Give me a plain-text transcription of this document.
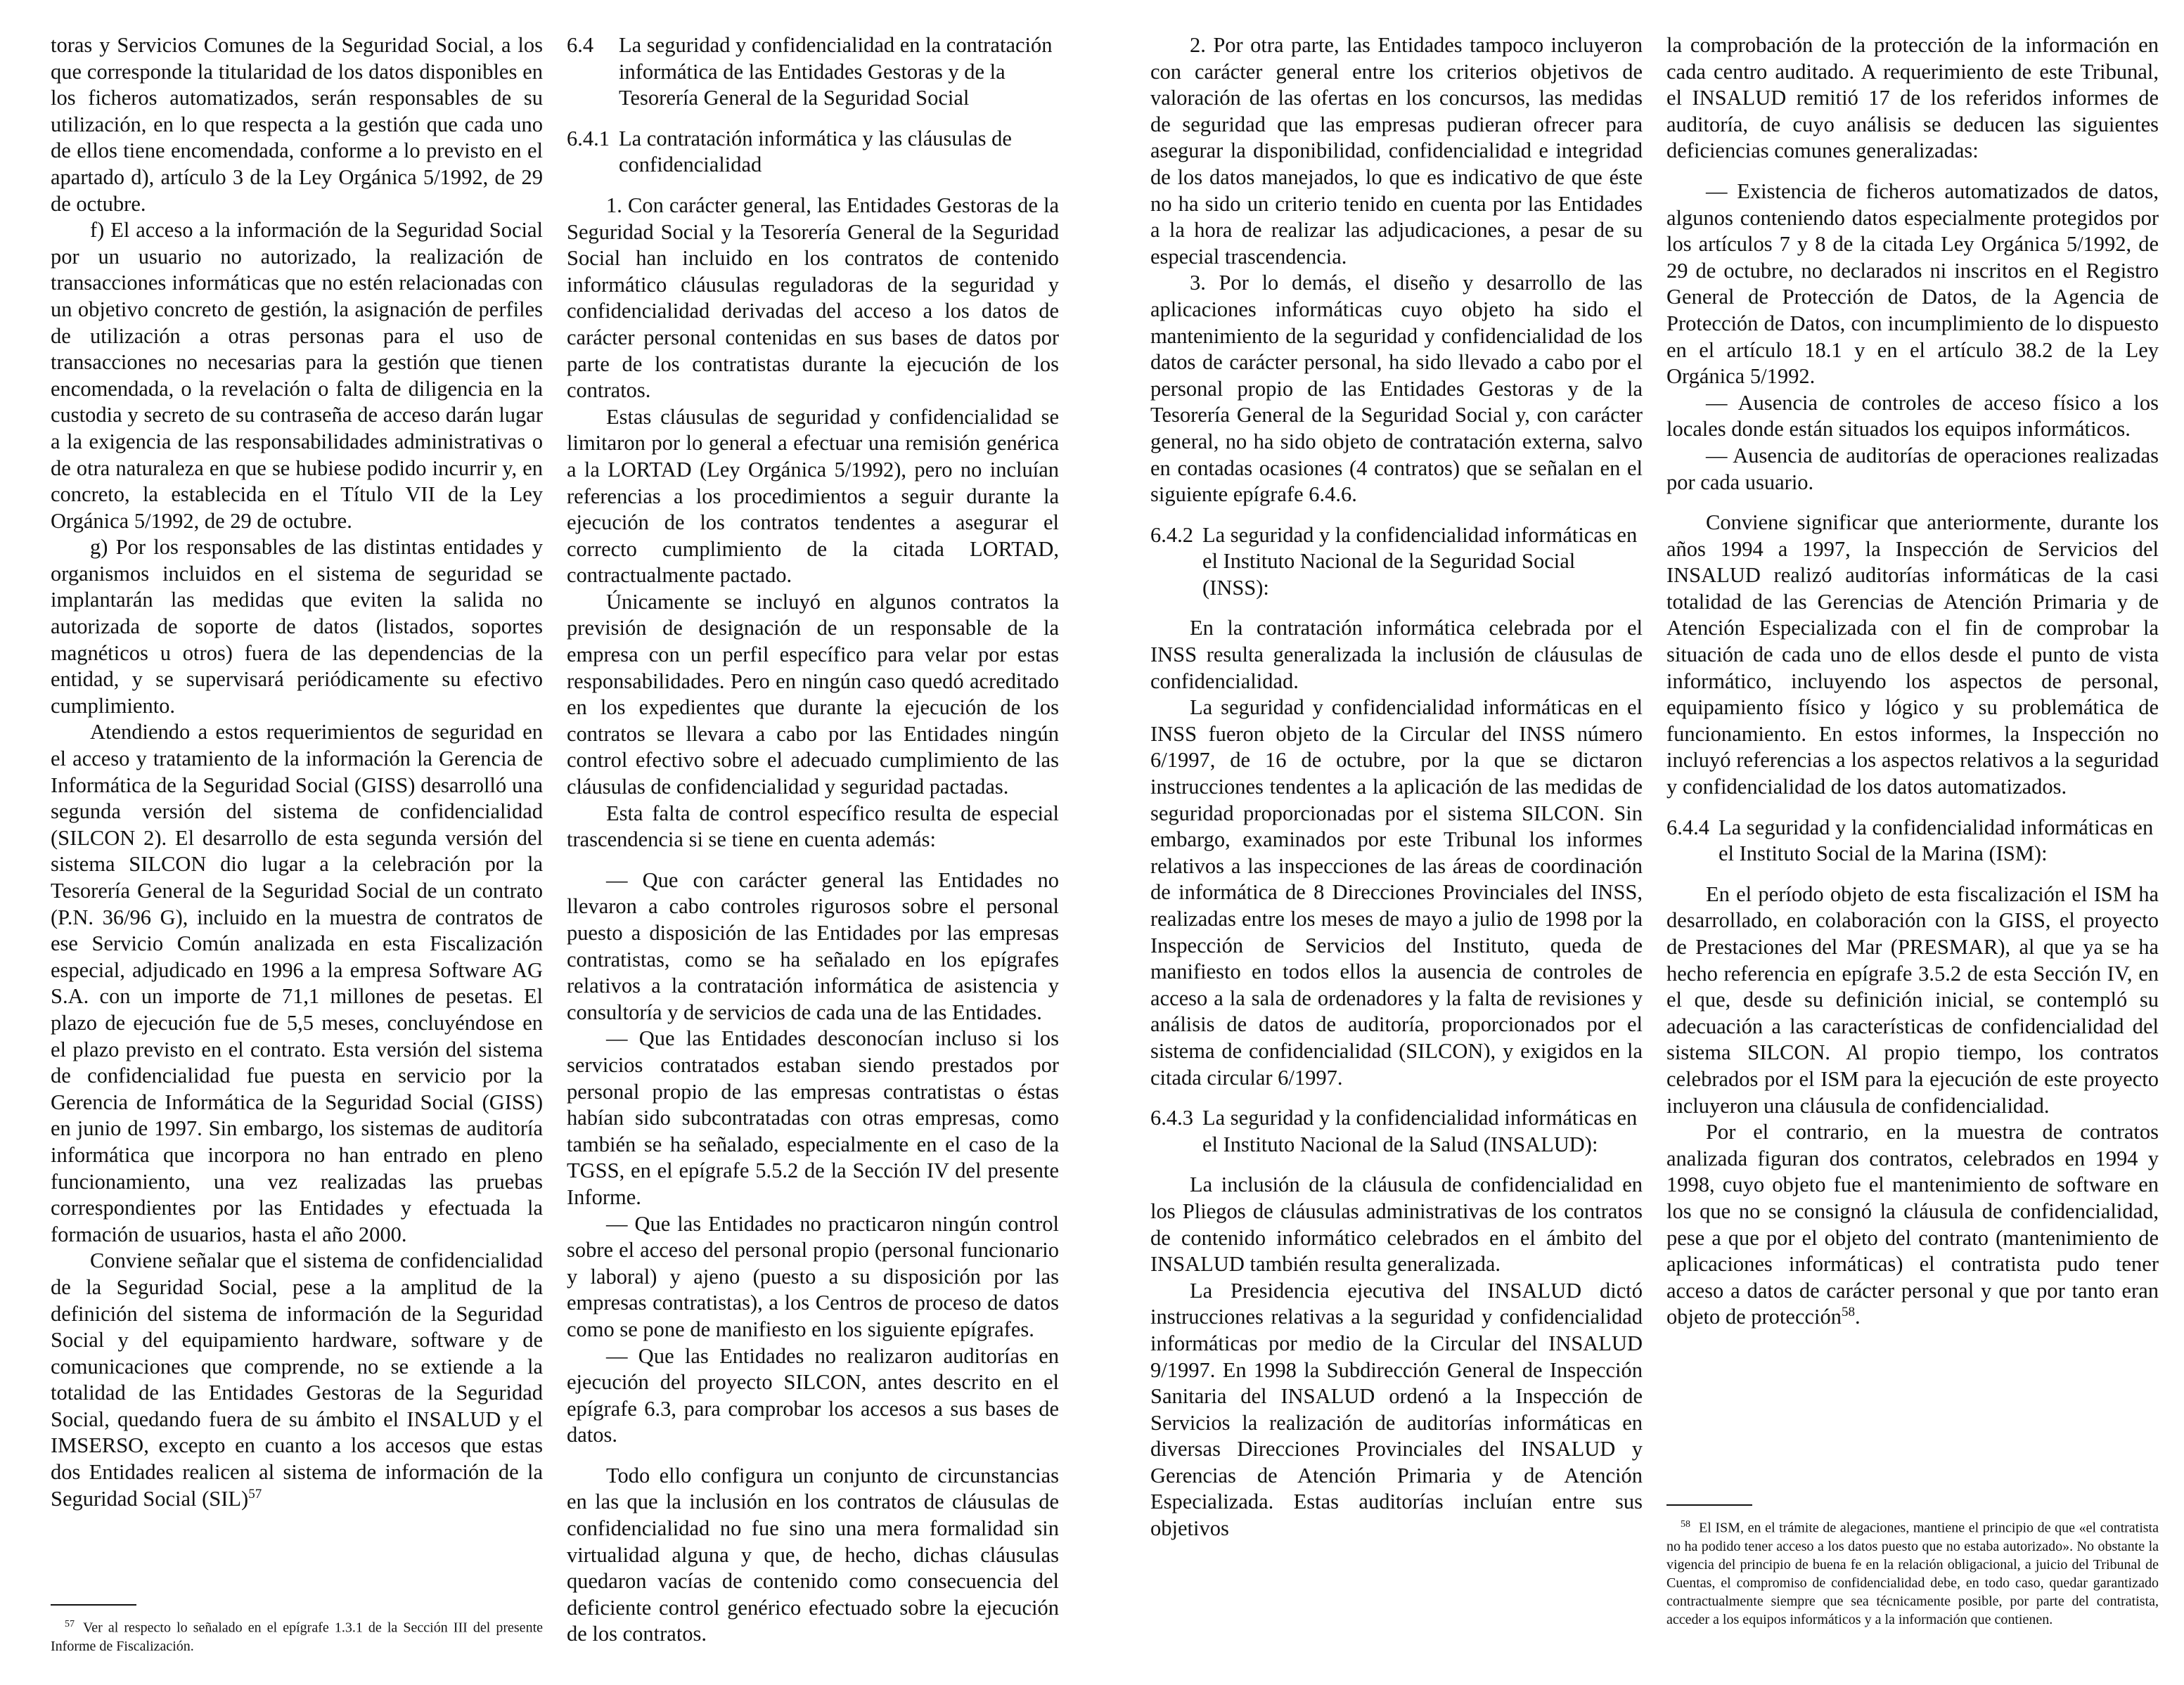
toras y Servicios Comunes de la Seguridad Social, a los que corresponde la titularidad de los datos disponibles en los ficheros automatizados, serán responsables de su utilización, en lo que respecta a la gestión que cada uno de ellos tiene encomendada, conforme a lo previsto en el apartado d), artículo 3 de la Ley Orgánica 5/1992, de 29 de octubre.

f) El acceso a la información de la Seguridad Social por un usuario no autorizado, la realización de transacciones informáticas que no estén relacionadas con un objetivo concreto de gestión, la asignación de perfiles de utilización a otras personas para el uso de transacciones no necesarias para la gestión que tienen encomendada, o la revelación o falta de diligencia en la custodia y secreto de su contraseña de acceso darán lugar a la exigencia de las responsabilidades administrativas o de otra naturaleza en que se hubiese podido incurrir y, en concreto, la establecida en el Título VII de la Ley Orgánica 5/1992, de 29 de octubre.

g) Por los responsables de las distintas entidades y organismos incluidos en el sistema de seguridad se implantarán las medidas que eviten la salida no autorizada de soporte de datos (listados, soportes magnéticos u otros) fuera de las dependencias de la entidad, y se supervisará periódicamente su efectivo cumplimiento.

Atendiendo a estos requerimientos de seguridad en el acceso y tratamiento de la información la Gerencia de Informática de la Seguridad Social (GISS) desarrolló una segunda versión del sistema de confidencialidad (SILCON 2). El desarrollo de esta segunda versión del sistema SILCON dio lugar a la celebración por la Tesorería General de la Seguridad Social de un contrato (P.N. 36/96 G), incluido en la muestra de contratos de ese Servicio Común analizada en esta Fiscalización especial, adjudicado en 1996 a la empresa Software AG S.A. con un importe de 71,1 millones de pesetas. El plazo de ejecución fue de 5,5 meses, concluyéndose en el plazo previsto en el contrato. Esta versión del sistema de confidencialidad fue puesta en servicio por la Gerencia de Informática de la Seguridad Social (GISS) en junio de 1997. Sin embargo, los sistemas de auditoría informática que incorpora no han entrado en pleno funcionamiento, una vez realizadas las pruebas correspondientes por las Entidades y efectuada la formación de usuarios, hasta el año 2000.

Conviene señalar que el sistema de confidencialidad de la Seguridad Social, pese a la amplitud de la definición del sistema de información de la Seguridad Social y del equipamiento hardware, software y de comunicaciones que comprende, no se extiende a la totalidad de las Entidades Gestoras de la Seguridad Social, quedando fuera de su ámbito el INSALUD y el IMSERSO, excepto en cuanto a los accesos que estas dos Entidades realicen al sistema de información de la Seguridad Social (SIL)$^{57}$

$^{57}$ Ver al respecto lo señalado en el epígrafe 1.3.1 de la Sección III del presente Informe de Fiscalización.
6.4	La seguridad y confidencialidad en la contratación informática de las Entidades Gestoras y de la Tesorería General de la Seguridad Social
6.4.1 La contratación informática y las cláusulas de confidencialidad

1. Con carácter general, las Entidades Gestoras de la Seguridad Social y la Tesorería General de la Seguridad Social han incluido en los contratos de contenido informático cláusulas reguladoras de la seguridad y confidencialidad derivadas del acceso a los datos de carácter personal contenidas en sus bases de datos por parte de los contratistas durante la ejecución de los contratos.

Estas cláusulas de seguridad y confidencialidad se limitaron por lo general a efectuar una remisión genérica a la LORTAD (Ley Orgánica 5/1992), pero no incluían referencias a los procedimientos a seguir durante la ejecución de los contratos tendentes a asegurar el correcto cumplimiento de la citada LORTAD, contractualmente pactado.

Únicamente se incluyó en algunos contratos la previsión de designación de un responsable de la empresa con un perfil específico para velar por estas responsabilidades. Pero en ningún caso quedó acreditado en los expedientes que durante la ejecución de los contratos se llevara a cabo por las Entidades ningún control efectivo sobre el adecuado cumplimiento de las cláusulas de confidencialidad y seguridad pactadas.

Esta falta de control específico resulta de especial trascendencia si se tiene en cuenta además:

— Que con carácter general las Entidades no llevaron a cabo controles rigurosos sobre el personal puesto a disposición de las Entidades por las empresas contratistas, como se ha señalado en los epígrafes relativos a la contratación informática de asistencia y consultoría y de servicios de cada una de las Entidades.

— Que las Entidades desconocían incluso si los servicios contratados estaban siendo prestados por personal propio de las empresas contratistas o éstas habían sido subcontratadas con otras empresas, como también se ha señalado, especialmente en el caso de la TGSS, en el epígrafe 5.5.2 de la Sección IV del presente Informe.

— Que las Entidades no practicaron ningún control sobre el acceso del personal propio (personal funcionario y laboral) y ajeno (puesto a su disposición por las empresas contratistas), a los Centros de proceso de datos como se pone de manifiesto en los siguiente epígrafes.

— Que las Entidades no realizaron auditorías en ejecución del proyecto SILCON, antes descrito en el epígrafe 6.3, para comprobar los accesos a sus bases de datos.

Todo ello configura un conjunto de circunstancias en las que la inclusión en los contratos de cláusulas de confidencialidad no fue sino una mera formalidad sin virtualidad alguna y que, de hecho, dichas cláusulas quedaron vacías de contenido como consecuencia del deficiente control genérico efectuado sobre la ejecución de los contratos.

2. Por otra parte, las Entidades tampoco incluyeron con carácter general entre los criterios objetivos de valoración de las ofertas en los concursos, las medidas de seguridad que las empresas pudieran ofrecer para asegurar la disponibilidad, confidencialidad e integridad de los datos manejados, lo que es indicativo de que éste no ha sido un criterio tenido en cuenta por las Entidades a la hora de realizar las adjudicaciones, a pesar de su especial trascendencia.

3. Por lo demás, el diseño y desarrollo de las aplicaciones informáticas cuyo objeto ha sido el mantenimiento de la seguridad y confidencialidad de los datos de carácter personal, ha sido llevado a cabo por el personal propio de las Entidades Gestoras y de la Tesorería General de la Seguridad Social y, con carácter general, no ha sido objeto de contratación externa, salvo en contadas ocasiones (4 contratos) que se señalan en el siguiente epígrafe 6.4.6.

6.4.2 La seguridad y la confidencialidad informáticas en el Instituto Nacional de la Seguridad Social (INSS):

En la contratación informática celebrada por el INSS resulta generalizada la inclusión de cláusulas de confidencialidad.

La seguridad y confidencialidad informáticas en el INSS fueron objeto de la Circular del INSS número 6/1997, de 16 de octubre, por la que se dictaron instrucciones tendentes a la aplicación de las medidas de seguridad proporcionadas por el sistema SILCON. Sin embargo, examinados por este Tribunal los informes relativos a las inspecciones de las áreas de coordinación de informática de 8 Direcciones Provinciales del INSS, realizadas entre los meses de mayo a julio de 1998 por la Inspección de Servicios del Instituto, queda de manifiesto en todos ellos la ausencia de controles de acceso a la sala de ordenadores y la falta de revisiones y análisis de datos de auditoría, proporcionados por el sistema de confidencialidad (SILCON), y exigidos en la citada circular 6/1997.

6.4.3 La seguridad y la confidencialidad informáticas en el Instituto Nacional de la Salud (INSALUD):

La inclusión de la cláusula de confidencialidad en los Pliegos de cláusulas administrativas de los contratos de contenido informático celebrados en el ámbito del INSALUD también resulta generalizada.

La Presidencia ejecutiva del INSALUD dictó instrucciones relativas a la seguridad y confidencialidad informáticas por medio de la Circular del INSALUD 9/1997. En 1998 la Subdirección General de Inspección Sanitaria del INSALUD ordenó a la Inspección de Servicios la realización de auditorías informáticas en diversas Direcciones Provinciales del INSALUD y Gerencias de Atención Primaria y de Atención Especializada. Estas auditorías incluían entre sus objetivos

la comprobación de la protección de la información en cada centro auditado. A requerimiento de este Tribunal, el INSALUD remitió 17 de los referidos informes de auditoría, de cuyo análisis se deducen las siguientes deficiencias comunes generalizadas:

— Existencia de ficheros automatizados de datos, algunos conteniendo datos especialmente protegidos por los artículos 7 y 8 de la citada Ley Orgánica 5/1992, de 29 de octubre, no declarados ni inscritos en el Registro General de Protección de Datos, de la Agencia de Protección de Datos, con incumplimiento de lo dispuesto en el artículo 18.1 y en el artículo 38.2 de la Ley Orgánica 5/1992.

— Ausencia de controles de acceso físico a los locales donde están situados los equipos informáticos.

— Ausencia de auditorías de operaciones realizadas por cada usuario.

Conviene significar que anteriormente, durante los años 1994 a 1997, la Inspección de Servicios del INSALUD realizó auditorías informáticas de la casi totalidad de las Gerencias de Atención Primaria y de Atención Especializada con el fin de comprobar la situación de cada uno de ellos desde el punto de vista informático, incluyendo los aspectos de personal, equipamiento físico y lógico y su problemática de funcionamiento. En estos informes, la Inspección no incluyó referencias a los aspectos relativos a la seguridad y confidencialidad de los datos automatizados.

6.4.4 La seguridad y la confidencialidad informáticas en el Instituto Social de la Marina (ISM):

En el período objeto de esta fiscalización el ISM ha desarrollado, en colaboración con la GISS, el proyecto de Prestaciones del Mar (PRESMAR), al que ya se ha hecho referencia en epígrafe 3.5.2 de esta Sección IV, en el que, desde su definición inicial, se contempló su adecuación a las características de confidencialidad del sistema SILCON. Al propio tiempo, los contratos celebrados por el ISM para la ejecución de este proyecto incluyeron una cláusula de confidencialidad.

Por el contrario, en la muestra de contratos analizada figuran dos contratos, celebrados en 1994 y 1998, cuyo objeto fue el mantenimiento de software en los que no se consignó la cláusula de confidencialidad, pese a que por el objeto del contrato (mantenimiento de aplicaciones informáticas) el contratista pudo tener acceso a datos de carácter personal y que por tanto eran objeto de protección$^{58}$.

$^{58}$ El ISM, en el trámite de alegaciones, mantiene el principio de que «el contratista no ha podido tener acceso a los datos puesto que no estaba autorizado». No obstante la vigencia del principio de buena fe en la relación obligacional, a juicio del Tribunal de Cuentas, el compromiso de confidencialidad debe, en todo caso, quedar garantizado contractualmente siempre que sea técnicamente posible, por parte del contratista, acceder a los equipos informáticos y a la información que contienen.
